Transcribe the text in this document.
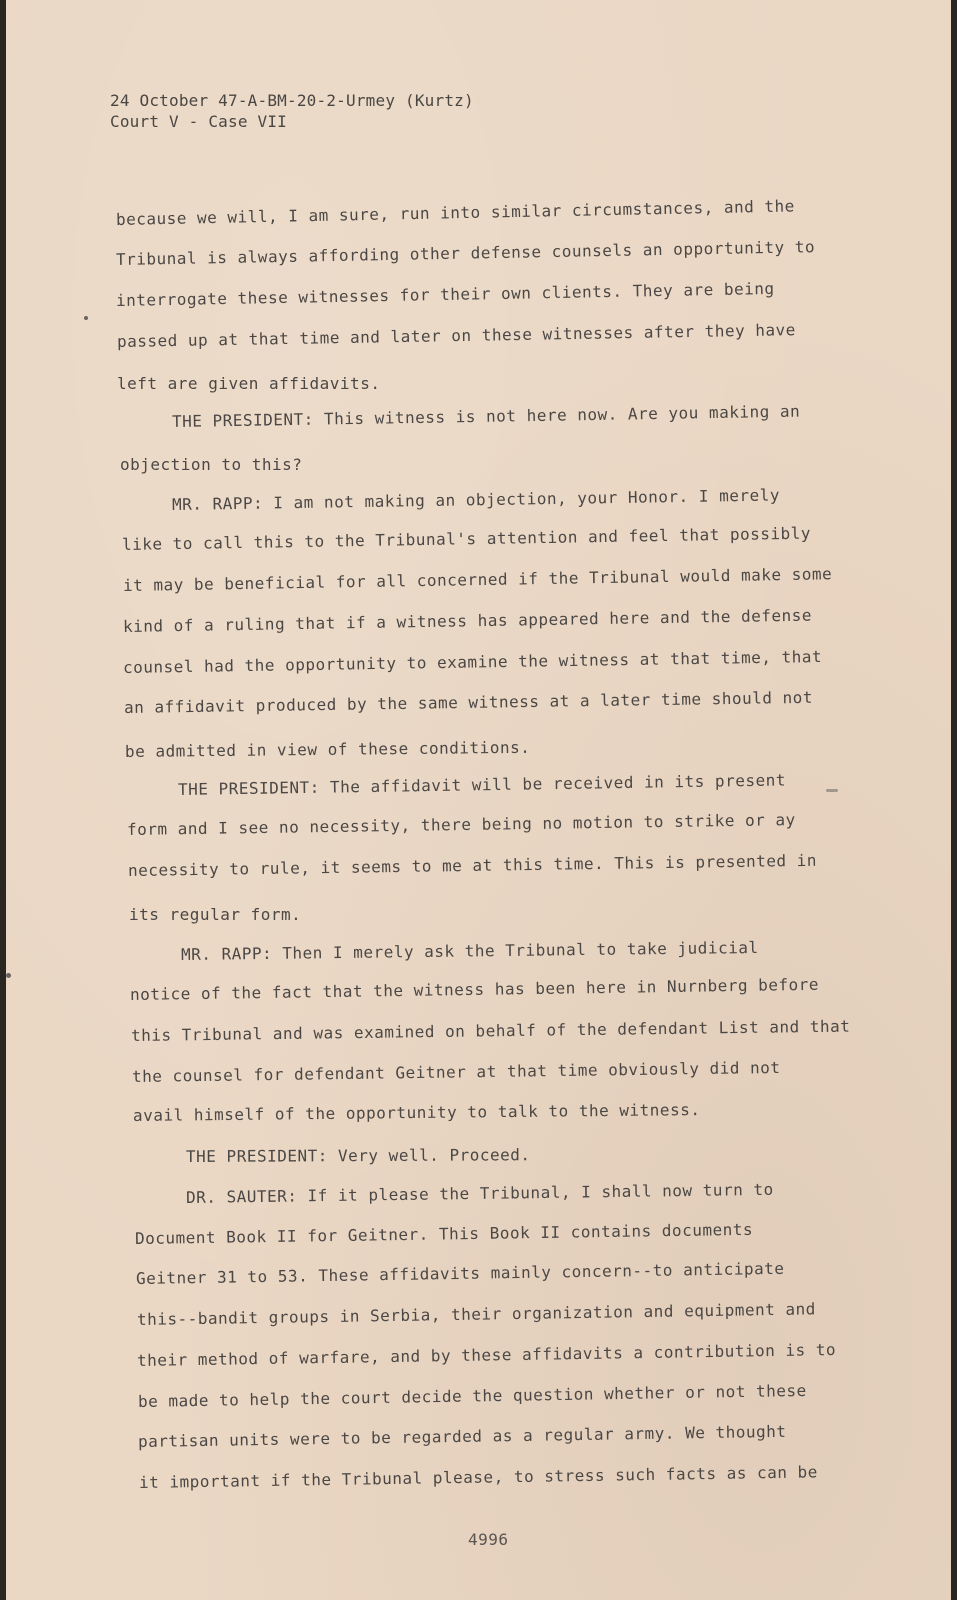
24 October 47-A-BM-20-2-Urmey (Kurtz)
Court V - Case VII
because we will, I am sure, run into similar circumstances, and the
Tribunal is always affording other defense counsels an opportunity to
interrogate these witnesses for their own clients. They are being
passed up at that time and later on these witnesses after they have
left are given affidavits.
THE PRESIDENT: This witness is not here now. Are you making an
objection to this?
MR. RAPP: I am not making an objection, your Honor. I merely
like to call this to the Tribunal's attention and feel that possibly
it may be beneficial for all concerned if the Tribunal would make some
kind of a ruling that if a witness has appeared here and the defense
counsel had the opportunity to examine the witness at that time, that
an affidavit produced by the same witness at a later time should not
be admitted in view of these conditions.
THE PRESIDENT: The affidavit will be received in its present
form and I see no necessity, there being no motion to strike or ay
necessity to rule, it seems to me at this time. This is presented in
its regular form.
MR. RAPP: Then I merely ask the Tribunal to take judicial
notice of the fact that the witness has been here in Nurnberg before
this Tribunal and was examined on behalf of the defendant List and that
the counsel for defendant Geitner at that time obviously did not
avail himself of the opportunity to talk to the witness.
THE PRESIDENT: Very well. Proceed.
DR. SAUTER: If it please the Tribunal, I shall now turn to
Document Book II for Geitner. This Book II contains documents
Geitner 31 to 53. These affidavits mainly concern--to anticipate
this--bandit groups in Serbia, their organization and equipment and
their method of warfare, and by these affidavits a contribution is to
be made to help the court decide the question whether or not these
partisan units were to be regarded as a regular army. We thought
it important if the Tribunal please, to stress such facts as can be
4996
